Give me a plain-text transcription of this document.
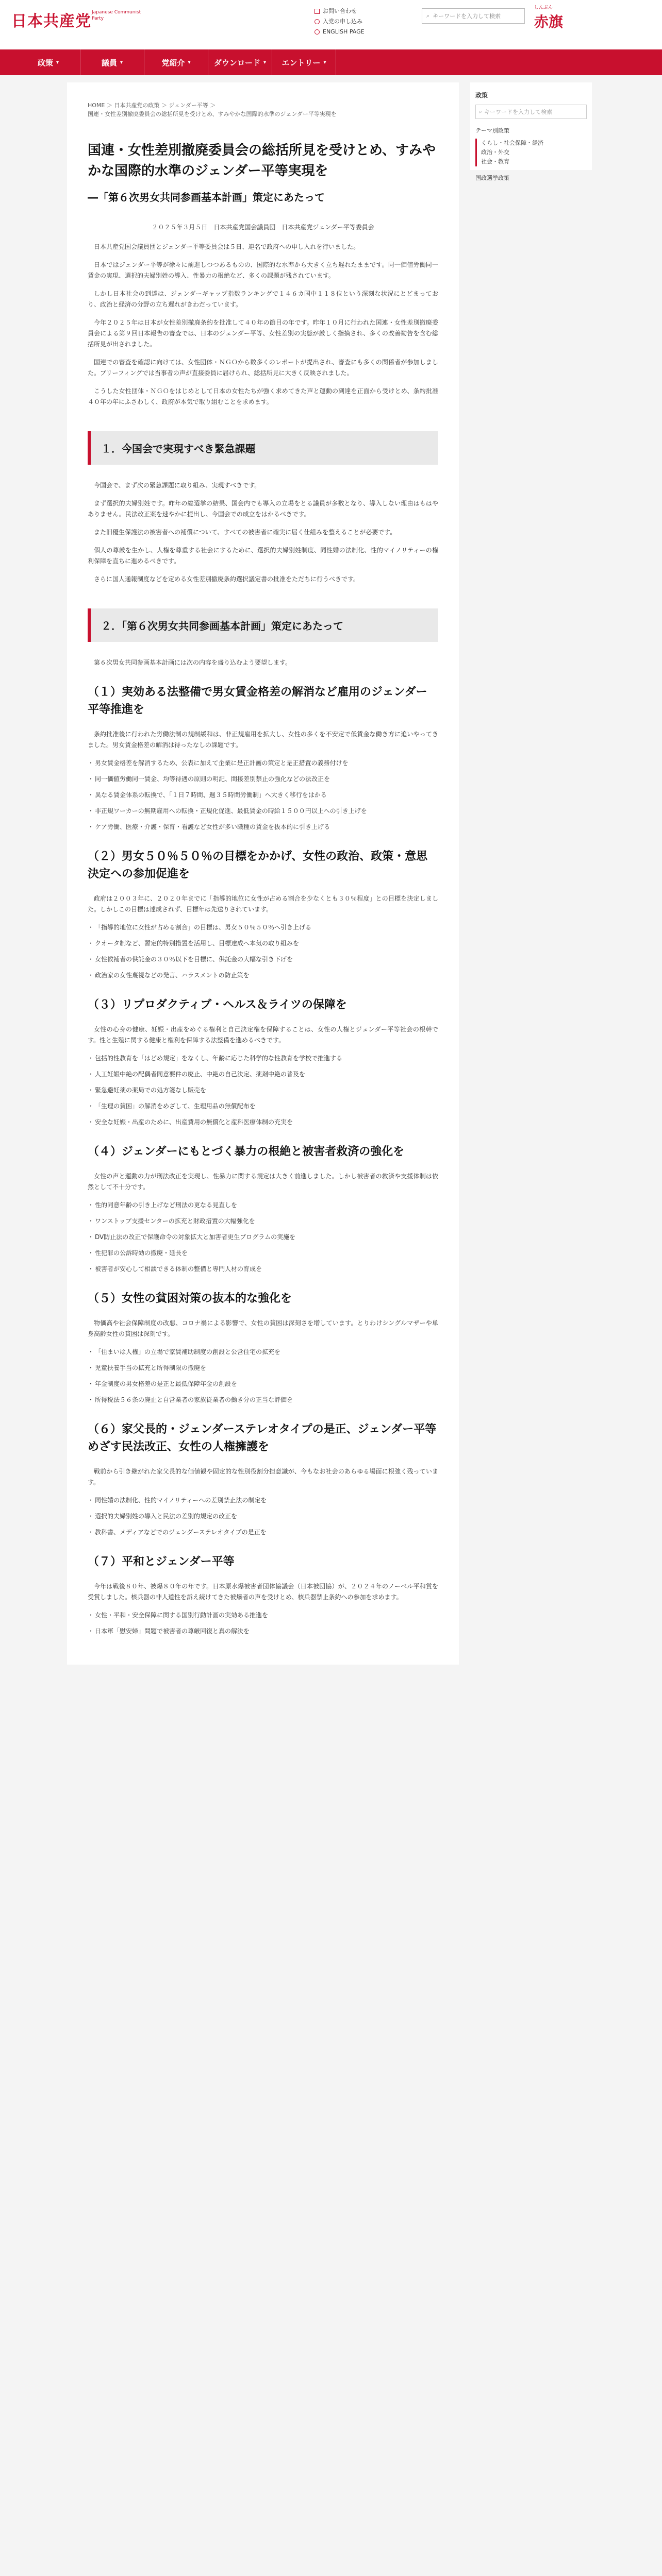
日本共産党 Japanese Communist Party
お問い合わせ
入党の申し込み
ENGLISH PAGE
⌕ キーワードを入力して検索
しんぶん
赤旗
政策 ▾	議員 ▾	党紹介 ▾	ダウンロード ▾ エントリー ▾
HOME ＞ 日本共産党の政策 ＞ ジェンダー平等 ＞
国連・女性差別撤廃委員会の総括所見を受けとめ、すみやかな国際的水準のジェンダー平等実現を
国連・女性差別撤廃委員会の総括所見を受けとめ、すみやかな国際的水準のジェンダー平等実現を
―「第６次男女共同参画基本計画」策定にあたって
２０２５年３月５日　日本共産党国会議員団　日本共産党ジェンダー平等委員会

日本共産党国会議員団とジェンダー平等委員会は５日、連名で政府への申し入れを行いました。

日本ではジェンダー平等が徐々に前進しつつあるものの、国際的な水準から大きく立ち遅れたままです。同一価値労働同一賃金の実現、選択的夫婦別姓の導入、性暴力の根絶など、多くの課題が残されています。

しかし日本社会の到達は、ジェンダーギャップ指数ランキングで１４６カ国中１１８位という深刻な状況にとどまっており、政治と経済の分野の立ち遅れがきわだっています。

今年２０２５年は日本が女性差別撤廃条約を批准して４０年の節目の年です。昨年１０月に行われた国連・女性差別撤廃委員会による第９回日本報告の審査では、日本のジェンダー平等、女性差別の実態が厳しく指摘され、多くの改善勧告を含む総括所見が出されました。

国連での審査を確認に向けては、女性団体・ＮＧＯから数多くのレポートが提出され、審査にも多くの関係者が参加しました。ブリーフィングでは当事者の声が直接委員に届けられ、総括所見に大きく反映されました。

こうした女性団体・ＮＧＯをはじめとして日本の女性たちが強く求めてきた声と運動の到達を正面から受けとめ、条約批准４０年の年にふさわしく、政府が本気で取り組むことを求めます。

１．今国会で実現すべき緊急課題

今国会で、まず次の緊急課題に取り組み、実現すべきです。

まず選択的夫婦別姓です。昨年の総選挙の結果、国会内でも導入の立場をとる議員が多数となり、導入しない理由はもはやありません。民法改正案を速やかに提出し、今国会での成立をはかるべきです。

また旧優生保護法の被害者への補償について、すべての被害者に確実に届く仕組みを整えることが必要です。

個人の尊厳を生かし、人権を尊重する社会にするために、選択的夫婦別姓制度、同性婚の法制化、性的マイノリティーの権利保障を直ちに進めるべきです。

さらに国人通報制度などを定める女性差別撤廃条約選択議定書の批准をただちに行うべきです。

２．「第６次男女共同参画基本計画」策定にあたって

第６次男女共同参画基本計画には次の内容を盛り込むよう要望します。

（１）実効ある法整備で男女賃金格差の解消など雇用のジェンダー平等推進を

条約批准後に行われた労働法制の規制緩和は、非正規雇用を拡大し、女性の多くを不安定で低賃金な働き方に追いやってきました。男女賃金格差の解消は待ったなしの課題です。

・ 男女賃金格差を解消するため、公表に加えて企業に是正計画の策定と是正措置の義務付けを
・ 同一価値労働同一賃金、均等待遇の原則の明記、間接差別禁止の強化などの法改正を
・ 異なる賃金体系の転換で、「１日７時間、週３５時間労働制」へ大きく移行をはかる
・ 非正規ワーカーの無期雇用への転換・正規化促進、最低賃金の時給１５００円以上への引き上げを
・ ケア労働、医療・介護・保育・看護など女性が多い職種の賃金を抜本的に引き上げる
（２）男女５０％５０％の目標をかかげ、女性の政治、政策・意思決定への参加促進を

政府は２００３年に、２０２０年までに「指導的地位に女性が占める割合を少なくとも３０％程度」との目標を決定しました。しかしこの目標は達成されず、目標年は先送りされています。

・ 「指導的地位に女性が占める割合」の目標は、男女５０％５０％へ引き上げる
・ クオータ制など、暫定的特別措置を活用し、目標達成へ本気の取り組みを
・ 女性候補者の供託金の３０％以下を目標に、供託金の大幅な引き下げを
・ 政治家の女性蔑視などの発言、ハラスメントの防止策を
（３）リプロダクティブ・ヘルス＆ライツの保障を

女性の心身の健康、妊娠・出産をめぐる権利と自己決定権を保障することは、女性の人権とジェンダー平等社会の根幹です。性と生殖に関する健康と権利を保障する法整備を進めるべきです。

・ 包括的性教育を「はどめ規定」をなくし、年齢に応じた科学的な性教育を学校で推進する
・ 人工妊娠中絶の配偶者同意要件の廃止、中絶の自己決定、薬剤中絶の普及を
・ 緊急避妊薬の薬局での処方箋なし販売を
・ 「生理の貧困」の解消をめざして、生理用品の無償配布を
・ 安全な妊娠・出産のために、出産費用の無償化と産科医療体制の充実を
（４）ジェンダーにもとづく暴力の根絶と被害者救済の強化を

女性の声と運動の力が刑法改正を実現し、性暴力に関する規定は大きく前進しました。しかし被害者の救済や支援体制は依然として不十分です。

・ 性的同意年齢の引き上げなど刑法の更なる見直しを
・ ワンストップ支援センターの拡充と財政措置の大幅強化を
・ DV防止法の改正で保護命令の対象拡大と加害者更生プログラムの実施を
・ 性犯罪の公訴時効の撤廃・延長を
・ 被害者が安心して相談できる体制の整備と専門人材の育成を
（５）女性の貧困対策の抜本的な強化を

物価高や社会保障制度の改悪、コロナ禍による影響で、女性の貧困は深刻さを増しています。とりわけシングルマザーや単身高齢女性の貧困は深刻です。

・ 「住まいは人権」の立場で家賃補助制度の創設と公営住宅の拡充を
・ 児童扶養手当の拡充と所得制限の撤廃を
・ 年金制度の男女格差の是正と最低保障年金の創設を
・ 所得税法５６条の廃止と自営業者の家族従業者の働き分の正当な評価を
（６）家父長的・ジェンダーステレオタイプの是正、ジェンダー平等めざす民法改正、女性の人権擁護を

戦前から引き継がれた家父長的な価値観や固定的な性別役割分担意識が、今もなお社会のあらゆる場面に根強く残っています。

・ 同性婚の法制化、性的マイノリティーへの差別禁止法の制定を
・ 選択的夫婦別姓の導入と民法の差別的規定の改正を
・ 教科書、メディアなどでのジェンダーステレオタイプの是正を
（７）平和とジェンダー平等

今年は戦後８０年、被爆８０年の年です。日本原水爆被害者団体協議会（日本被団協）が、２０２４年のノーベル平和賞を受賞しました。核兵器の非人道性を訴え続けてきた被爆者の声を受けとめ、核兵器禁止条約への参加を求めます。

・ 女性・平和・安全保障に関する国別行動計画の実効ある推進を
・ 日本軍「慰安婦」問題で被害者の尊厳回復と真の解決を
政策
⌕ キーワードを入力して検索
テーマ別政策
くらし・社会保障・経済
政治・外交
社会・教育
国政選挙政策
